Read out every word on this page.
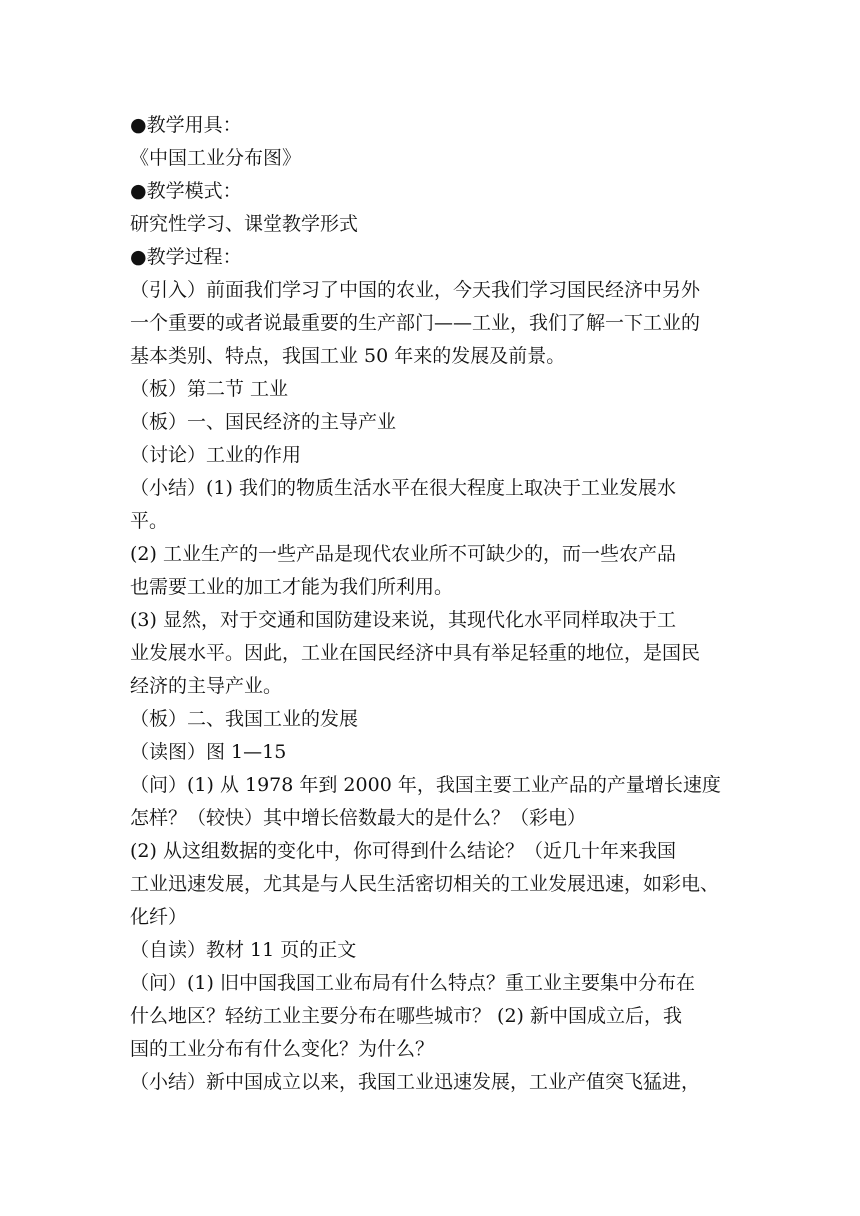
●教学用具：
《中国工业分布图》
●教学模式：
研究性学习、课堂教学形式
●教学过程：
（引入）前面我们学习了中国的农业，今天我们学习国民经济中另外
一个重要的或者说最重要的生产部门——工业，我们了解一下工业的
基本类别、特点，我国工业 50 年来的发展及前景。
（板）第二节 工业
（板）一、国民经济的主导产业
（讨论）工业的作用
（小结）(1) 我们的物质生活水平在很大程度上取决于工业发展水
平。
(2) 工业生产的一些产品是现代农业所不可缺少的，而一些农产品
也需要工业的加工才能为我们所利用。
(3) 显然，对于交通和国防建设来说，其现代化水平同样取决于工
业发展水平。因此，工业在国民经济中具有举足轻重的地位，是国民
经济的主导产业。
（板）二、我国工业的发展
（读图）图 1—15
（问）(1) 从 1978 年到 2000 年，我国主要工业产品的产量增长速度
怎样？（较快）其中增长倍数最大的是什么？（彩电）
(2) 从这组数据的变化中，你可得到什么结论？（近几十年来我国
工业迅速发展，尤其是与人民生活密切相关的工业发展迅速，如彩电、
化纤）
（自读）教材 11 页的正文
（问）(1) 旧中国我国工业布局有什么特点？重工业主要集中分布在
什么地区？轻纺工业主要分布在哪些城市？ (2) 新中国成立后，我
国的工业分布有什么变化？为什么？
（小结）新中国成立以来，我国工业迅速发展，工业产值突飞猛进，
